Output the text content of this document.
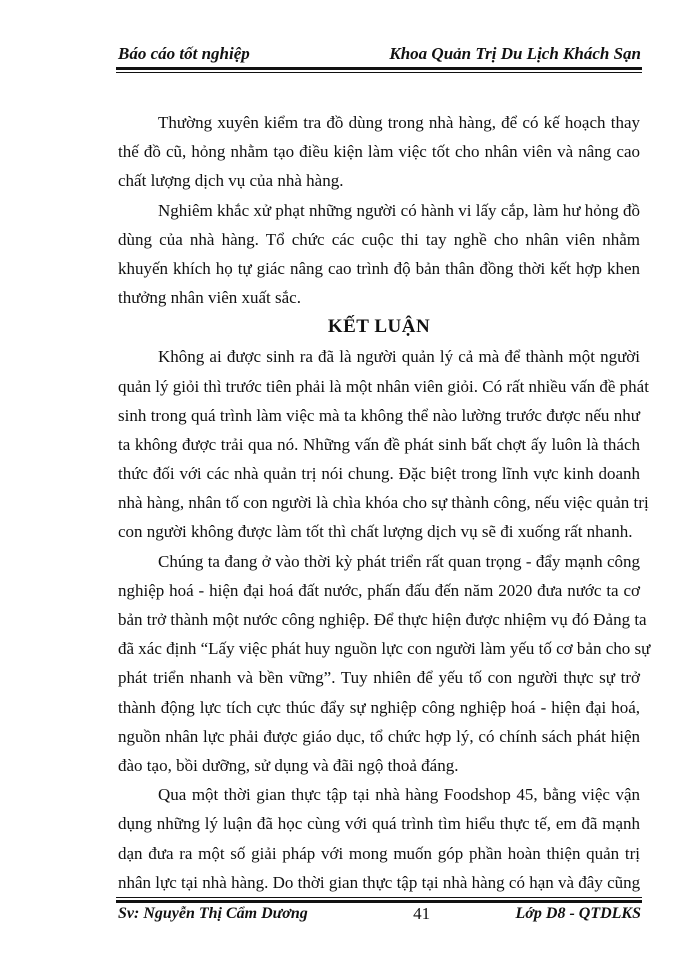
Báo cáo tốt nghiệp	Khoa Quản Trị Du Lịch Khách Sạn
Thường xuyên kiểm tra đồ dùng trong nhà hàng, để có kế hoạch thay
thế đồ cũ, hỏng nhằm tạo điều kiện làm việc tốt cho nhân viên và nâng cao
chất lượng dịch vụ của nhà hàng.
Nghiêm khắc xử phạt những người có hành vi lấy cắp, làm hư hỏng đồ
dùng của nhà hàng. Tổ chức các cuộc thi tay nghề cho nhân viên nhằm
khuyến khích họ tự giác nâng cao trình độ bản thân đồng thời kết hợp khen
thưởng nhân viên xuất sắc.
KẾT LUẬN
Không ai được sinh ra đã là người quản lý cả mà để thành một người
quản lý giỏi thì trước tiên phải là một nhân viên giỏi. Có rất nhiều vấn đề phát
sinh trong quá trình làm việc mà ta không thể nào lường trước được nếu như
ta không được trải qua nó. Những vấn đề phát sinh bất chợt ấy luôn là thách
thức đối với các nhà quản trị nói chung. Đặc biệt trong lĩnh vực kinh doanh
nhà hàng, nhân tố con người là chìa khóa cho sự thành công, nếu việc quản trị
con người không được làm tốt thì chất lượng dịch vụ sẽ đi xuống rất nhanh.
Chúng ta đang ở vào thời kỳ phát triển rất quan trọng - đẩy mạnh công
nghiệp hoá - hiện đại hoá đất nước, phấn đấu đến năm 2020 đưa nước ta cơ
bản trở thành một nước công nghiệp. Để thực hiện được nhiệm vụ đó Đảng ta
đã xác định “Lấy việc phát huy nguồn lực con người làm yếu tố cơ bản cho sự
phát triển nhanh và bền vững”. Tuy nhiên để yếu tố con người thực sự trở
thành động lực tích cực thúc đẩy sự nghiệp công nghiệp hoá - hiện đại hoá,
nguồn nhân lực phải được giáo dục, tổ chức hợp lý, có chính sách phát hiện
đào tạo, bồi dưỡng, sử dụng và đãi ngộ thoả đáng.
Qua một thời gian thực tập tại nhà hàng Foodshop 45, bằng việc vận
dụng những lý luận đã học cùng với quá trình tìm hiểu thực tế, em đã mạnh
dạn đưa ra một số giải pháp với mong muốn góp phần hoàn thiện quản trị
nhân lực tại nhà hàng. Do thời gian thực tập tại nhà hàng có hạn và đây cũng
Sv: Nguyễn Thị Cẩm Dương	41	Lớp D8 - QTDLKS
